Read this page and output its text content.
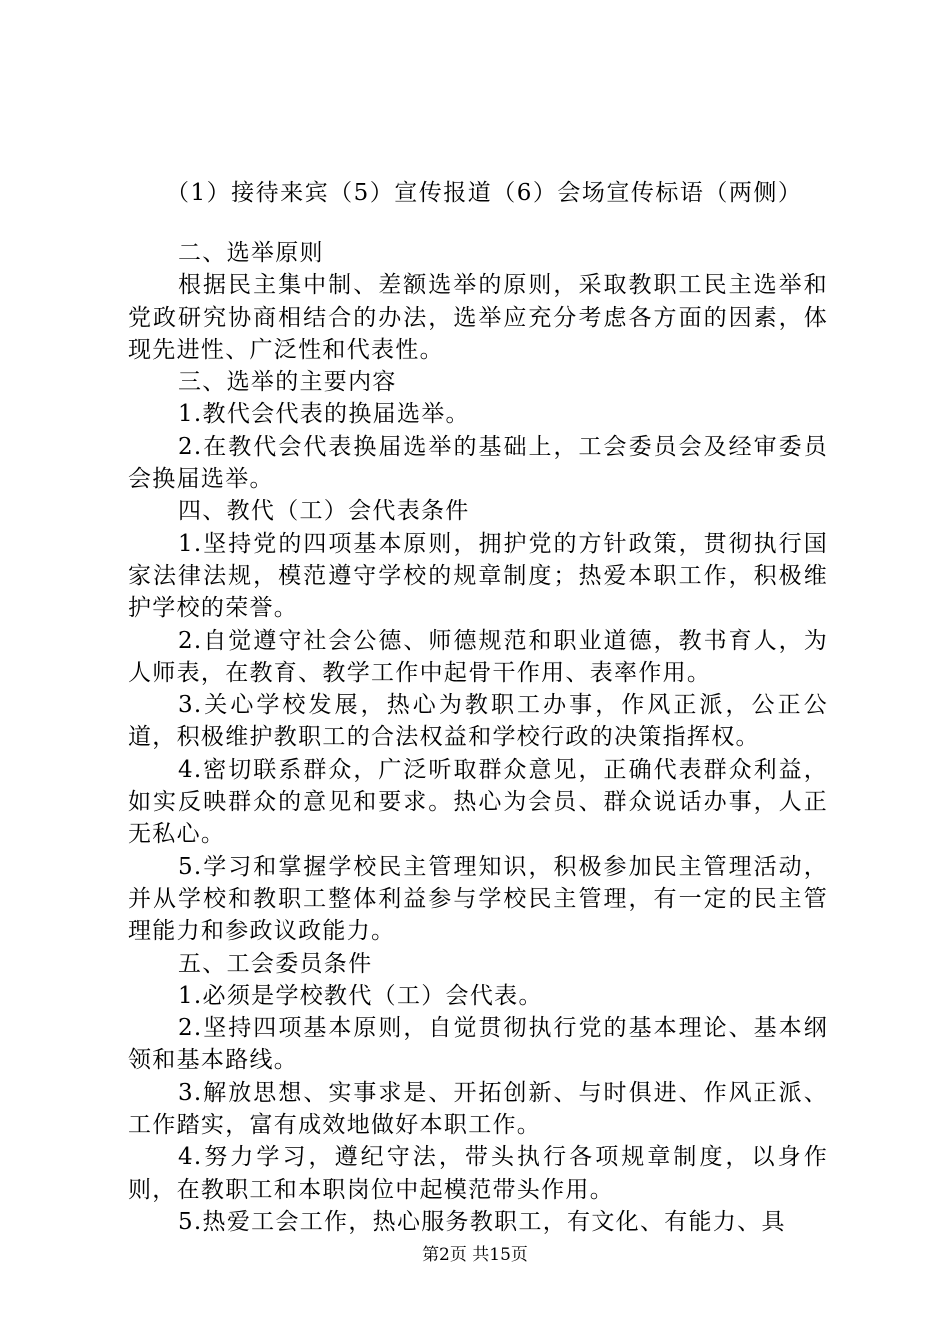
（1）接待来宾（5）宣传报道（6）会场宣传标语（两侧）

二、选举原则

根据民主集中制、差额选举的原则，采取教职工民主选举和党政研究协商相结合的办法，选举应充分考虑各方面的因素，体现先进性、广泛性和代表性。

三、选举的主要内容

1.教代会代表的换届选举。

2.在教代会代表换届选举的基础上，工会委员会及经审委员会换届选举。

四、教代（工）会代表条件

1.坚持党的四项基本原则，拥护党的方针政策，贯彻执行国家法律法规，模范遵守学校的规章制度；热爱本职工作，积极维护学校的荣誉。

2.自觉遵守社会公德、师德规范和职业道德，教书育人，为人师表，在教育、教学工作中起骨干作用、表率作用。

3.关心学校发展，热心为教职工办事，作风正派，公正公道，积极维护教职工的合法权益和学校行政的决策指挥权。

4.密切联系群众，广泛听取群众意见，正确代表群众利益，如实反映群众的意见和要求。热心为会员、群众说话办事，人正无私心。

5.学习和掌握学校民主管理知识，积极参加民主管理活动，并从学校和教职工整体利益参与学校民主管理，有一定的民主管理能力和参政议政能力。

五、工会委员条件

1.必须是学校教代（工）会代表。

2.坚持四项基本原则，自觉贯彻执行党的基本理论、基本纲领和基本路线。

3.解放思想、实事求是、开拓创新、与时俱进、作风正派、工作踏实，富有成效地做好本职工作。

4.努力学习，遵纪守法，带头执行各项规章制度，以身作则，在教职工和本职岗位中起模范带头作用。

5.热爱工会工作，热心服务教职工，有文化、有能力、具

第2页 共15页
